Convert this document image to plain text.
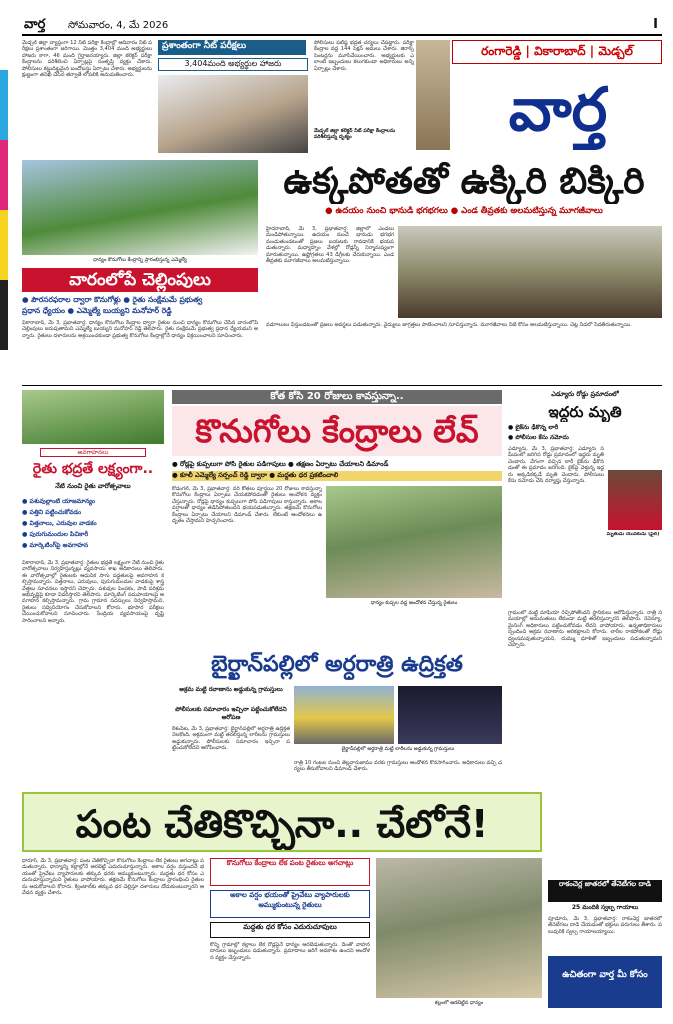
వార్త సోమవారం, 4, మే 2026	I
మేడ్చల్ జిల్లా వ్యాప్తంగా 12 నీట్ పరీక్షా కేంద్రాల్లో ఆదివారం నీట్ పరీక్షలు ప్రశాంతంగా జరిగాయి. మొత్తం 3,404 మంది అభ్యర్థులు హాజరు కాగా, 46 మంది గైర్హాజరయ్యారు. జిల్లా కలెక్టర్ పరీక్షా కేంద్రాలను పరిశీలించి ఏర్పాట్లపై సంతృప్తి వ్యక్తం చేశారు. పోలీసులు కట్టుదిట్టమైన బందోబస్తు ఏర్పాటు చేశారు. అభ్యర్థులను క్షుణ్ణంగా తనిఖీ చేసిన తర్వాతే లోపలికి అనుమతించారు.
ప్రశాంతంగా నీట్ పరీక్షలు
3,404మంది అభ్యర్థుల హాజరు
పోలీసులు పటిష్ఠ భద్రత చర్యలు చేపట్టారు. పరీక్షా కేంద్రాల వద్ద 144 సెక్షన్ అమలు చేశారు. జిరాక్స్ సెంటర్లను మూసివేయించారు. అభ్యర్థులకు ఎలాంటి ఇబ్బందులు కలుగకుండా అధికారులు అన్ని ఏర్పాట్లు చేశారు.
మేడ్చల్ జిల్లా కలెక్టర్ నీట్ పరీక్షా కేంద్రాలను పరిశీలిస్తున్న దృశ్యం
రంగారెడ్డి | వికారాబాద్ | మెడ్చల్
వార్త
ధాన్యం కొనుగోలు కేంద్రాన్ని ప్రారంభిస్తున్న ఎమ్మెల్యే
ఉక్కపోతతో ఉక్కిరి బిక్కిరి
● ఉదయం నుంచి భానుడి భగభగలు ● ఎండ తీవ్రతకు అలమటిస్తున్న మూగజీవాలు
హైదరాబాద్, మే 3, ప్రభాతవార్త: జిల్లాలో ఎండలు మండిపోతున్నాయి. ఉదయం నుంచే భానుడు భగభగ మండుతుండటంతో ప్రజలు బయటకు రావడానికి భయపడుతున్నారు. మధ్యాహ్నం వేళల్లో రోడ్లన్నీ నిర్మానుష్యంగా మారుతున్నాయి. ఉష్ణోగ్రతలు 43 డిగ్రీలకు చేరుకున్నాయి. ఎండ తీవ్రతకు మూగజీవాలు అలమటిస్తున్నాయి.
వడగాలులు వీస్తుండటంతో ప్రజలు అవస్థలు పడుతున్నారు. వైద్యులు జాగ్రత్తలు పాటించాలని సూచిస్తున్నారు. మూగజీవాలు నీటి కోసం అలమటిస్తున్నాయి. చెట్ల నీడలో సేదతీరుతున్నాయి.
వారంలోపే చెల్లింపులు
● పౌరసరఫరాల ద్వారా కొనుగోళ్లు ● రైతు సంక్షేమమే ప్రభుత్వ
ప్రధాన ధ్యేయం ● ఎమ్మెల్యే బుయ్యని మనోహర్ రెడ్డి
వికారాబాద్, మే 3, ప్రభాతవార్త: ధాన్యం కొనుగోలు కేంద్రాల ద్వారా రైతుల నుంచి ధాన్యం కొనుగోలు చేసిన వారంలోపే చెల్లింపులు జరుపుతామని ఎమ్మెల్యే బుయ్యని మనోహర్ రెడ్డి తెలిపారు. రైతు సంక్షేమమే ప్రభుత్వ ప్రధాన ధ్యేయమని అన్నారు. రైతులు దళారులను ఆశ్రయించకుండా ప్రభుత్వ కొనుగోలు కేంద్రాల్లోనే ధాన్యం విక్రయించాలని సూచించారు.
అవగాహనలు
రైతు భద్రతే లక్ష్యంగా..
నేటి నుంచి రైతు వారోత్సవాలు
● పశువుల్లాంటి యాజమాన్యం
● పత్తిని పట్టించుకోవడం
● విత్తనాలు, ఎరువుల వాడకం
● పురుగుమందుల పిచికారీ
● మార్కెటింగ్‌పై అవగాహన
వికారాబాద్, మే 3, ప్రభాతవార్త: రైతుల భద్రతే లక్ష్యంగా నేటి నుంచి రైతు వారోత్సవాలు నిర్వహిస్తున్నట్లు వ్యవసాయ శాఖ అధికారులు తెలిపారు. ఈ వారోత్సవాల్లో రైతులకు ఆధునిక సాగు పద్ధతులపై అవగాహన కల్పిస్తామన్నారు. విత్తనాలు, ఎరువులు, పురుగుమందుల వాడకంపై శాస్త్రవేత్తలు సూచనలు ఇస్తారని చెప్పారు. పశువుల పెంపకం, పాడి పరిశ్రమ అభివృద్ధిపై కూడా వివరిస్తారని తెలిపారు. మార్కెటింగ్ సదుపాయాలపై అవగాహన కల్పిస్తామన్నారు. గ్రామ గ్రామాన సదస్సులు నిర్వహిస్తామని, రైతులు సద్వినియోగం చేసుకోవాలని కోరారు. భూసార పరీక్షలు చేయించుకోవాలని సూచించారు. సేంద్రియ వ్యవసాయంపై దృష్టి సారించాలని అన్నారు.
కోత కోసి 20 రోజులు కావస్తున్నా..
కొనుగోలు కేంద్రాలు లేవ్
● రోడ్లపై కుప్పలుగా పోసి రైతుల పడిగాపులు ● తక్షణం ఏర్పాటు చేయాలని డిమాండ్
● కూలీ ఎమ్మెల్యే సర్పంచ్ రెడ్డి ద్వారా ● మద్దతు ధర ప్రకటించాలి
కొడంగల్, మే 3, ప్రభాతవార్త: వరి కోతలు పూర్తయి 20 రోజులు కావస్తున్నా కొనుగోలు కేంద్రాలు ఏర్పాటు చేయకపోవడంతో రైతులు ఆందోళన వ్యక్తం చేస్తున్నారు. రోడ్లపై ధాన్యం కుప్పలుగా పోసి పడిగాపులు కాస్తున్నారు. అకాల వర్షాలతో ధాన్యం తడిసిపోతుందని భయపడుతున్నారు. తక్షణమే కొనుగోలు కేంద్రాలు ఏర్పాటు చేయాలని డిమాండ్ చేశారు. లేకుంటే ఆందోళనలు ఉధృతం చేస్తామని హెచ్చరించారు.
ధాన్యం కుప్పల వద్ద ఆందోళన చేస్తున్న రైతులు
ఎడ్యూరు రోడ్డు ప్రమాదంలో
ఇద్దరు మృతి
● బైక్‌ను ఢీకొన్న లారీ
● పోలీసుల కేసు నమోదు
ఎడ్యూరు, మే 3, ప్రభాతవార్త: ఎడ్యూరు సమీపంలో జరిగిన రోడ్డు ప్రమాదంలో ఇద్దరు మృతి చెందారు. వేగంగా వచ్చిన లారీ బైక్‌ను ఢీకొనడంతో ఈ ప్రమాదం జరిగింది. బైక్‌పై వెళ్తున్న ఇద్దరు అక్కడికక్కడే మృతి చెందారు. పోలీసులు కేసు నమోదు చేసి దర్యాప్తు చేస్తున్నారు.
మృతుడు యువకుడు (ఫైల్)
బైర్ఖాన్‌పల్లిలో అర్ధరాత్రి ఉద్రిక్తత
అక్రమ మట్టి రవాణాను అడ్డుకున్న గ్రామస్తులు
పోలీసులకు సమాచారం ఇచ్చినా పట్టించుకోలేదని ఆరోపణ
కేశంపేట, మే 3, ప్రభాతవార్త: బైర్ఖాన్‌పల్లిలో అర్ధరాత్రి ఉద్రిక్తత నెలకొంది. అక్రమంగా మట్టి తరలిస్తున్న లారీలను గ్రామస్తులు అడ్డుకున్నారు. పోలీసులకు సమాచారం ఇచ్చినా పట్టించుకోలేదని ఆరోపించారు.	బైర్ఖాన్‌పల్లిలో అర్ధరాత్రి మట్టి లారీలను అడ్డుకున్న గ్రామస్తులు
రాత్రి 10 గంటల నుంచి తెల్లవారుజాము వరకు గ్రామస్తులు ఆందోళన కొనసాగించారు. అధికారులు వచ్చి చర్యలు తీసుకోవాలని డిమాండ్ చేశారు.
గ్రామంలో మట్టి మాఫియా రెచ్చిపోతోందని స్థానికులు ఆరోపిస్తున్నారు. రాత్రి సమయాల్లో అనుమతులు లేకుండా మట్టి తరలిస్తున్నారని తెలిపారు. రెవెన్యూ, మైనింగ్ అధికారులు పట్టించుకోవడం లేదని వాపోయారు. ఉన్నతాధికారులు స్పందించి అక్రమ రవాణాను అరికట్టాలని కోరారు. లారీల రాకపోకలతో రోడ్లు ధ్వంసమవుతున్నాయని, దుమ్ము ధూళితో ఇబ్బందులు పడుతున్నామని చెప్పారు.
పంట చేతికొచ్చినా.. చేలోనే!
ధారూర్, మే 3, ప్రభాతవార్త: పంట చేతికొచ్చినా కొనుగోలు కేంద్రాలు లేక రైతులు అగచాట్లు పడుతున్నారు. ధాన్యాన్ని కల్లాల్లోనే ఆరబెట్టి ఎదురుచూస్తున్నారు. అకాల వర్షం వస్తుందనే భయంతో ప్రైవేటు వ్యాపారులకు తక్కువ ధరకు అమ్ముకుంటున్నారు. మద్దతు ధర కోసం ఎదురుచూస్తున్నామని రైతులు వాపోయారు. తక్షణమే కొనుగోలు కేంద్రాలు ప్రారంభించి రైతులను ఆదుకోవాలని కోరారు. క్వింటాల్‌కు తక్కువ ధర చెల్లిస్తూ దళారులు దోచుకుంటున్నారని ఆవేదన వ్యక్తం చేశారు.
కొనుగోలు కేంద్రాలు లేక పంట రైతులు అగచాట్లు
అకాల వర్షం భయంతో ప్రైవేటు వ్యాపారులకు అమ్ముకుంటున్న రైతులు
మద్దతు ధర కోసం ఎదురుచూపులు
కొన్ని గ్రామాల్లో కల్లాలు లేక రోడ్లపైనే ధాన్యం ఆరబెడుతున్నారు. దీంతో వాహనదారులు ఇబ్బందులు పడుతున్నారు. ప్రమాదాలు జరిగే అవకాశం ఉందని ఆందోళన వ్యక్తం చేస్తున్నారు.
కల్లంలో ఆరబెట్టిన ధాన్యం
రాకంచెర్ల జాతరలో తేనెటీగల దాడి
25 మందికి స్వల్ప గాయాలు
పూడూరు, మే 3, ప్రభాతవార్త: రాకంచెర్ల జాతరలో తేనెటీగలు దాడి చేయడంతో భక్తులు పరుగులు తీశారు. పలువురికి స్వల్ప గాయాలయ్యాయి.
ఉచితంగా వార్త మీ కోసం
